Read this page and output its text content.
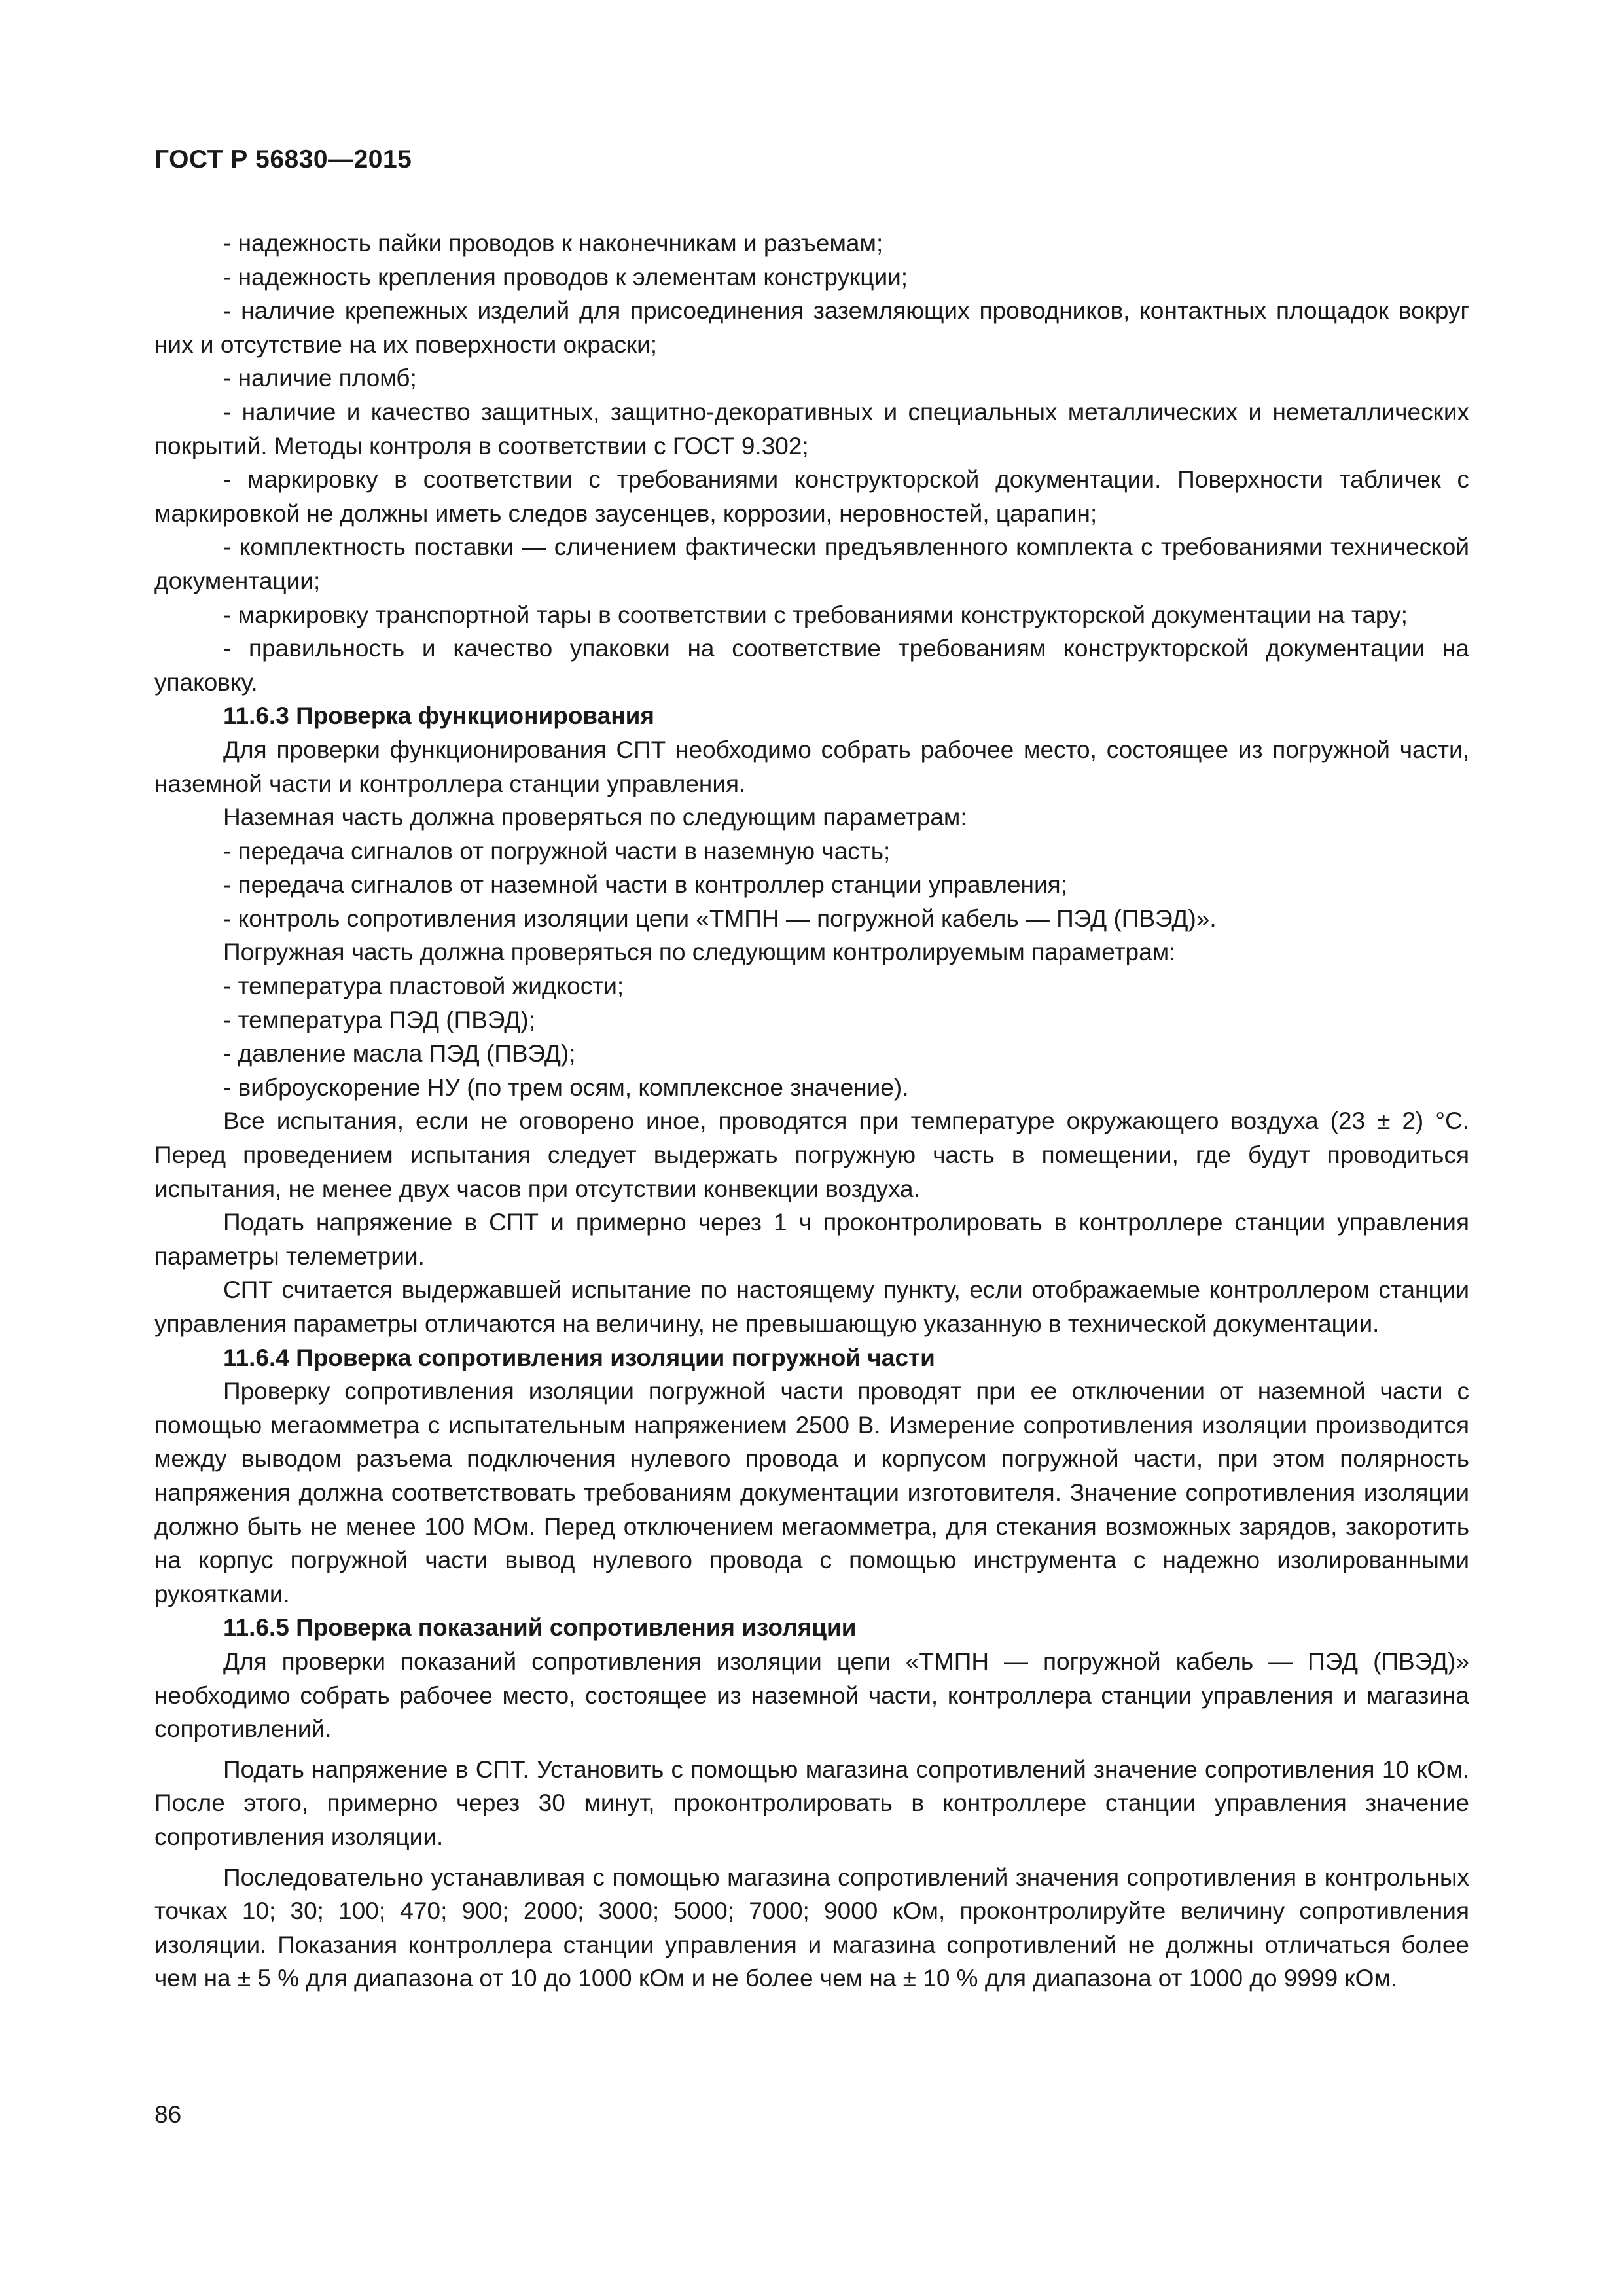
ГОСТ Р 56830—2015

- надежность пайки проводов к наконечникам и разъемам;

- надежность крепления проводов к элементам конструкции;

- наличие крепежных изделий для присоединения заземляющих проводников, контактных площадок вокруг них и отсутствие на их поверхности окраски;

- наличие пломб;

- наличие и качество защитных, защитно-декоративных и специальных металлических и неметаллических покрытий. Методы контроля в соответствии с ГОСТ 9.302;

- маркировку в соответствии с требованиями конструкторской документации. Поверхности табличек с маркировкой не должны иметь следов заусенцев, коррозии, неровностей, царапин;

- комплектность поставки — сличением фактически предъявленного комплекта с требованиями технической документации;

- маркировку транспортной тары в соответствии с требованиями конструкторской документации на тару;

- правильность и качество упаковки на соответствие требованиям конструкторской документации на упаковку.

11.6.3 Проверка функционирования

Для проверки функционирования СПТ необходимо собрать рабочее место, состоящее из погружной части, наземной части и контроллера станции управления.

Наземная часть должна проверяться по следующим параметрам:

- передача сигналов от погружной части в наземную часть;

- передача сигналов от наземной части в контроллер станции управления;

- контроль сопротивления изоляции цепи «ТМПН — погружной кабель — ПЭД (ПВЭД)».

Погружная часть должна проверяться по следующим контролируемым параметрам:

- температура пластовой жидкости;

- температура ПЭД (ПВЭД);

- давление масла ПЭД (ПВЭД);

- виброускорение НУ (по трем осям, комплексное значение).

Все испытания, если не оговорено иное, проводятся при температуре окружающего воздуха (23 ± 2) °С. Перед проведением испытания следует выдержать погружную часть в помещении, где будут проводиться испытания, не менее двух часов при отсутствии конвекции воздуха.

Подать напряжение в СПТ и примерно через 1 ч проконтролировать в контроллере станции управления параметры телеметрии.

СПТ считается выдержавшей испытание по настоящему пункту, если отображаемые контроллером станции управления параметры отличаются на величину, не превышающую указанную в технической документации.

11.6.4 Проверка сопротивления изоляции погружной части

Проверку сопротивления изоляции погружной части проводят при ее отключении от наземной части с помощью мегаомметра с испытательным напряжением 2500 В. Измерение сопротивления изоляции производится между выводом разъема подключения нулевого провода и корпусом погружной части, при этом полярность напряжения должна соответствовать требованиям документации изготовителя. Значение сопротивления изоляции должно быть не менее 100 МОм. Перед отключением мегаомметра, для стекания возможных зарядов, закоротить на корпус погружной части вывод нулевого провода с помощью инструмента с надежно изолированными рукоятками.

11.6.5 Проверка показаний сопротивления изоляции

Для проверки показаний сопротивления изоляции цепи «ТМПН — погружной кабель — ПЭД (ПВЭД)» необходимо собрать рабочее место, состоящее из наземной части, контроллера станции управления и магазина сопротивлений.

Подать напряжение в СПТ. Установить с помощью магазина сопротивлений значение сопротивления 10 кОм. После этого, примерно через 30 минут, проконтролировать в контроллере станции управления значение сопротивления изоляции.

Последовательно устанавливая с помощью магазина сопротивлений значения сопротивления в контрольных точках 10; 30; 100; 470; 900; 2000; 3000; 5000; 7000; 9000 кОм, проконтролируйте величину сопротивления изоляции. Показания контроллера станции управления и магазина сопротивлений не должны отличаться более чем на ± 5 % для диапазона от 10 до 1000 кОм и не более чем на ± 10 % для диапазона от 1000 до 9999 кОм.

86
